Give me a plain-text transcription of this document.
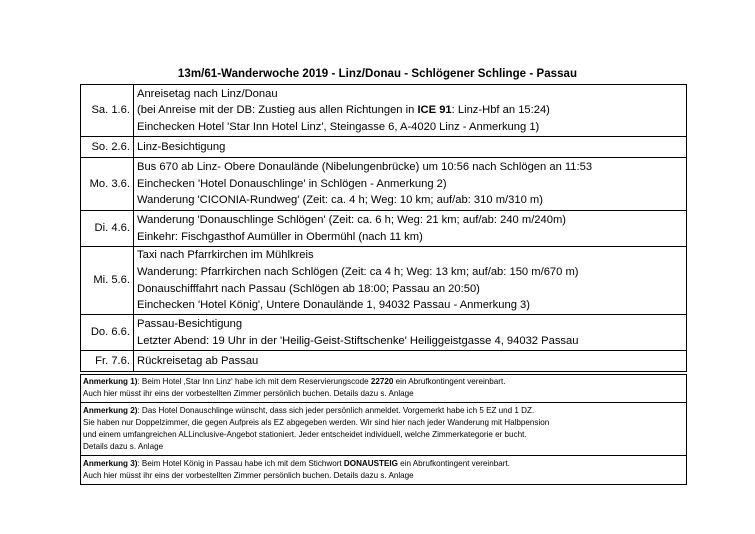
13m/61-Wanderwoche 2019 - Linz/Donau - Schlögener Schlinge - Passau
Sa. 1.6.	Anreisetag nach Linz/Donau
(bei Anreise mit der DB: Zustieg aus allen Richtungen in ICE 91: Linz-Hbf an 15:24)
Einchecken Hotel 'Star Inn Hotel Linz', Steingasse 6, A-4020 Linz - Anmerkung 1)

So. 2.6.	Linz-Besichtigung

Mo. 3.6.	Bus 670 ab Linz- Obere Donaulände (Nibelungenbrücke) um 10:56 nach Schlögen an 11:53
Einchecken 'Hotel Donauschlinge' in Schlögen - Anmerkung 2)
Wanderung 'CICONIA-Rundweg' (Zeit: ca. 4 h; Weg: 10 km; auf/ab: 310 m/310 m)

Di. 4.6.	Wanderung 'Donauschlinge Schlögen' (Zeit: ca. 6 h; Weg: 21 km; auf/ab: 240 m/240m)
Einkehr: Fischgasthof Aumüller in Obermühl (nach 11 km)

Mi. 5.6.	Taxi nach Pfarrkirchen im Mühlkreis
Wanderung: Pfarrkirchen nach Schlögen (Zeit: ca 4 h; Weg: 13 km; auf/ab: 150 m/670 m)
Donauschifffahrt nach Passau (Schlögen ab 18:00; Passau an 20:50)
Einchecken 'Hotel König', Untere Donaulände 1, 94032 Passau - Anmerkung 3)

Do. 6.6.	Passau-Besichtigung
Letzter Abend: 19 Uhr in der 'Heilig-Geist-Stiftschenke' Heiliggeistgasse 4, 94032 Passau

Fr. 7.6.	Rückreisetag ab Passau
Anmerkung 1): Beim Hotel ‚Star Inn Linz‘ habe ich mit dem Reservierungscode 22720 ein Abrufkontingent vereinbart.
Auch hier müsst ihr eins der vorbestellten Zimmer persönlich buchen. Details dazu s. Anlage

Anmerkung 2): Das Hotel Donauschlinge wünscht, dass sich jeder persönlich anmeldet. Vorgemerkt habe ich 5 EZ und 1 DZ.
Sie haben nur Doppelzimmer, die gegen Aufpreis als EZ abgegeben werden. Wir sind hier nach jeder Wanderung mit Halbpension
und einem umfangreichen ALLinclusive-Angebot stationiert. Jeder entscheidet individuell, welche Zimmerkategorie er bucht.
Details dazu s. Anlage

Anmerkung 3): Beim Hotel König in Passau habe ich mit dem Stichwort DONAUSTEIG ein Abrufkontingent vereinbart.
Auch hier müsst ihr eins der vorbestellten Zimmer persönlich buchen. Details dazu s. Anlage
